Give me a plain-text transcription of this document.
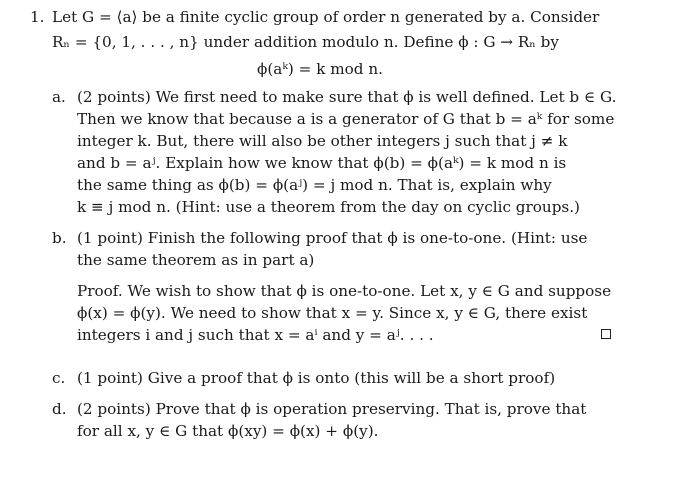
1. Let G = ⟨a⟩ be a finite cyclic group of order n generated by a. Consider
Rₙ = {0, 1, . . . , n} under addition modulo n. Define ϕ : G → Rₙ by
ϕ(aᵏ) = k mod n.
a. (2 points) We first need to make sure that ϕ is well defined. Let b ∈ G.
Then we know that because a is a generator of G that b = aᵏ for some
integer k. But, there will also be other integers j such that j ≠ k
and b = aʲ. Explain how we know that ϕ(b) = ϕ(aᵏ) = k mod n is
the same thing as ϕ(b) = ϕ(aʲ) = j mod n. That is, explain why
k ≡ j mod n. (Hint: use a theorem from the day on cyclic groups.)
b. (1 point) Finish the following proof that ϕ is one-to-one. (Hint: use
the same theorem as in part a)
Proof. We wish to show that ϕ is one-to-one. Let x, y ∈ G and suppose
ϕ(x) = ϕ(y). We need to show that x = y. Since x, y ∈ G, there exist
integers i and j such that x = aⁱ and y = aʲ. . . .
c. (1 point) Give a proof that ϕ is onto (this will be a short proof)
d. (2 points) Prove that ϕ is operation preserving. That is, prove that
for all x, y ∈ G that ϕ(xy) = ϕ(x) + ϕ(y).
